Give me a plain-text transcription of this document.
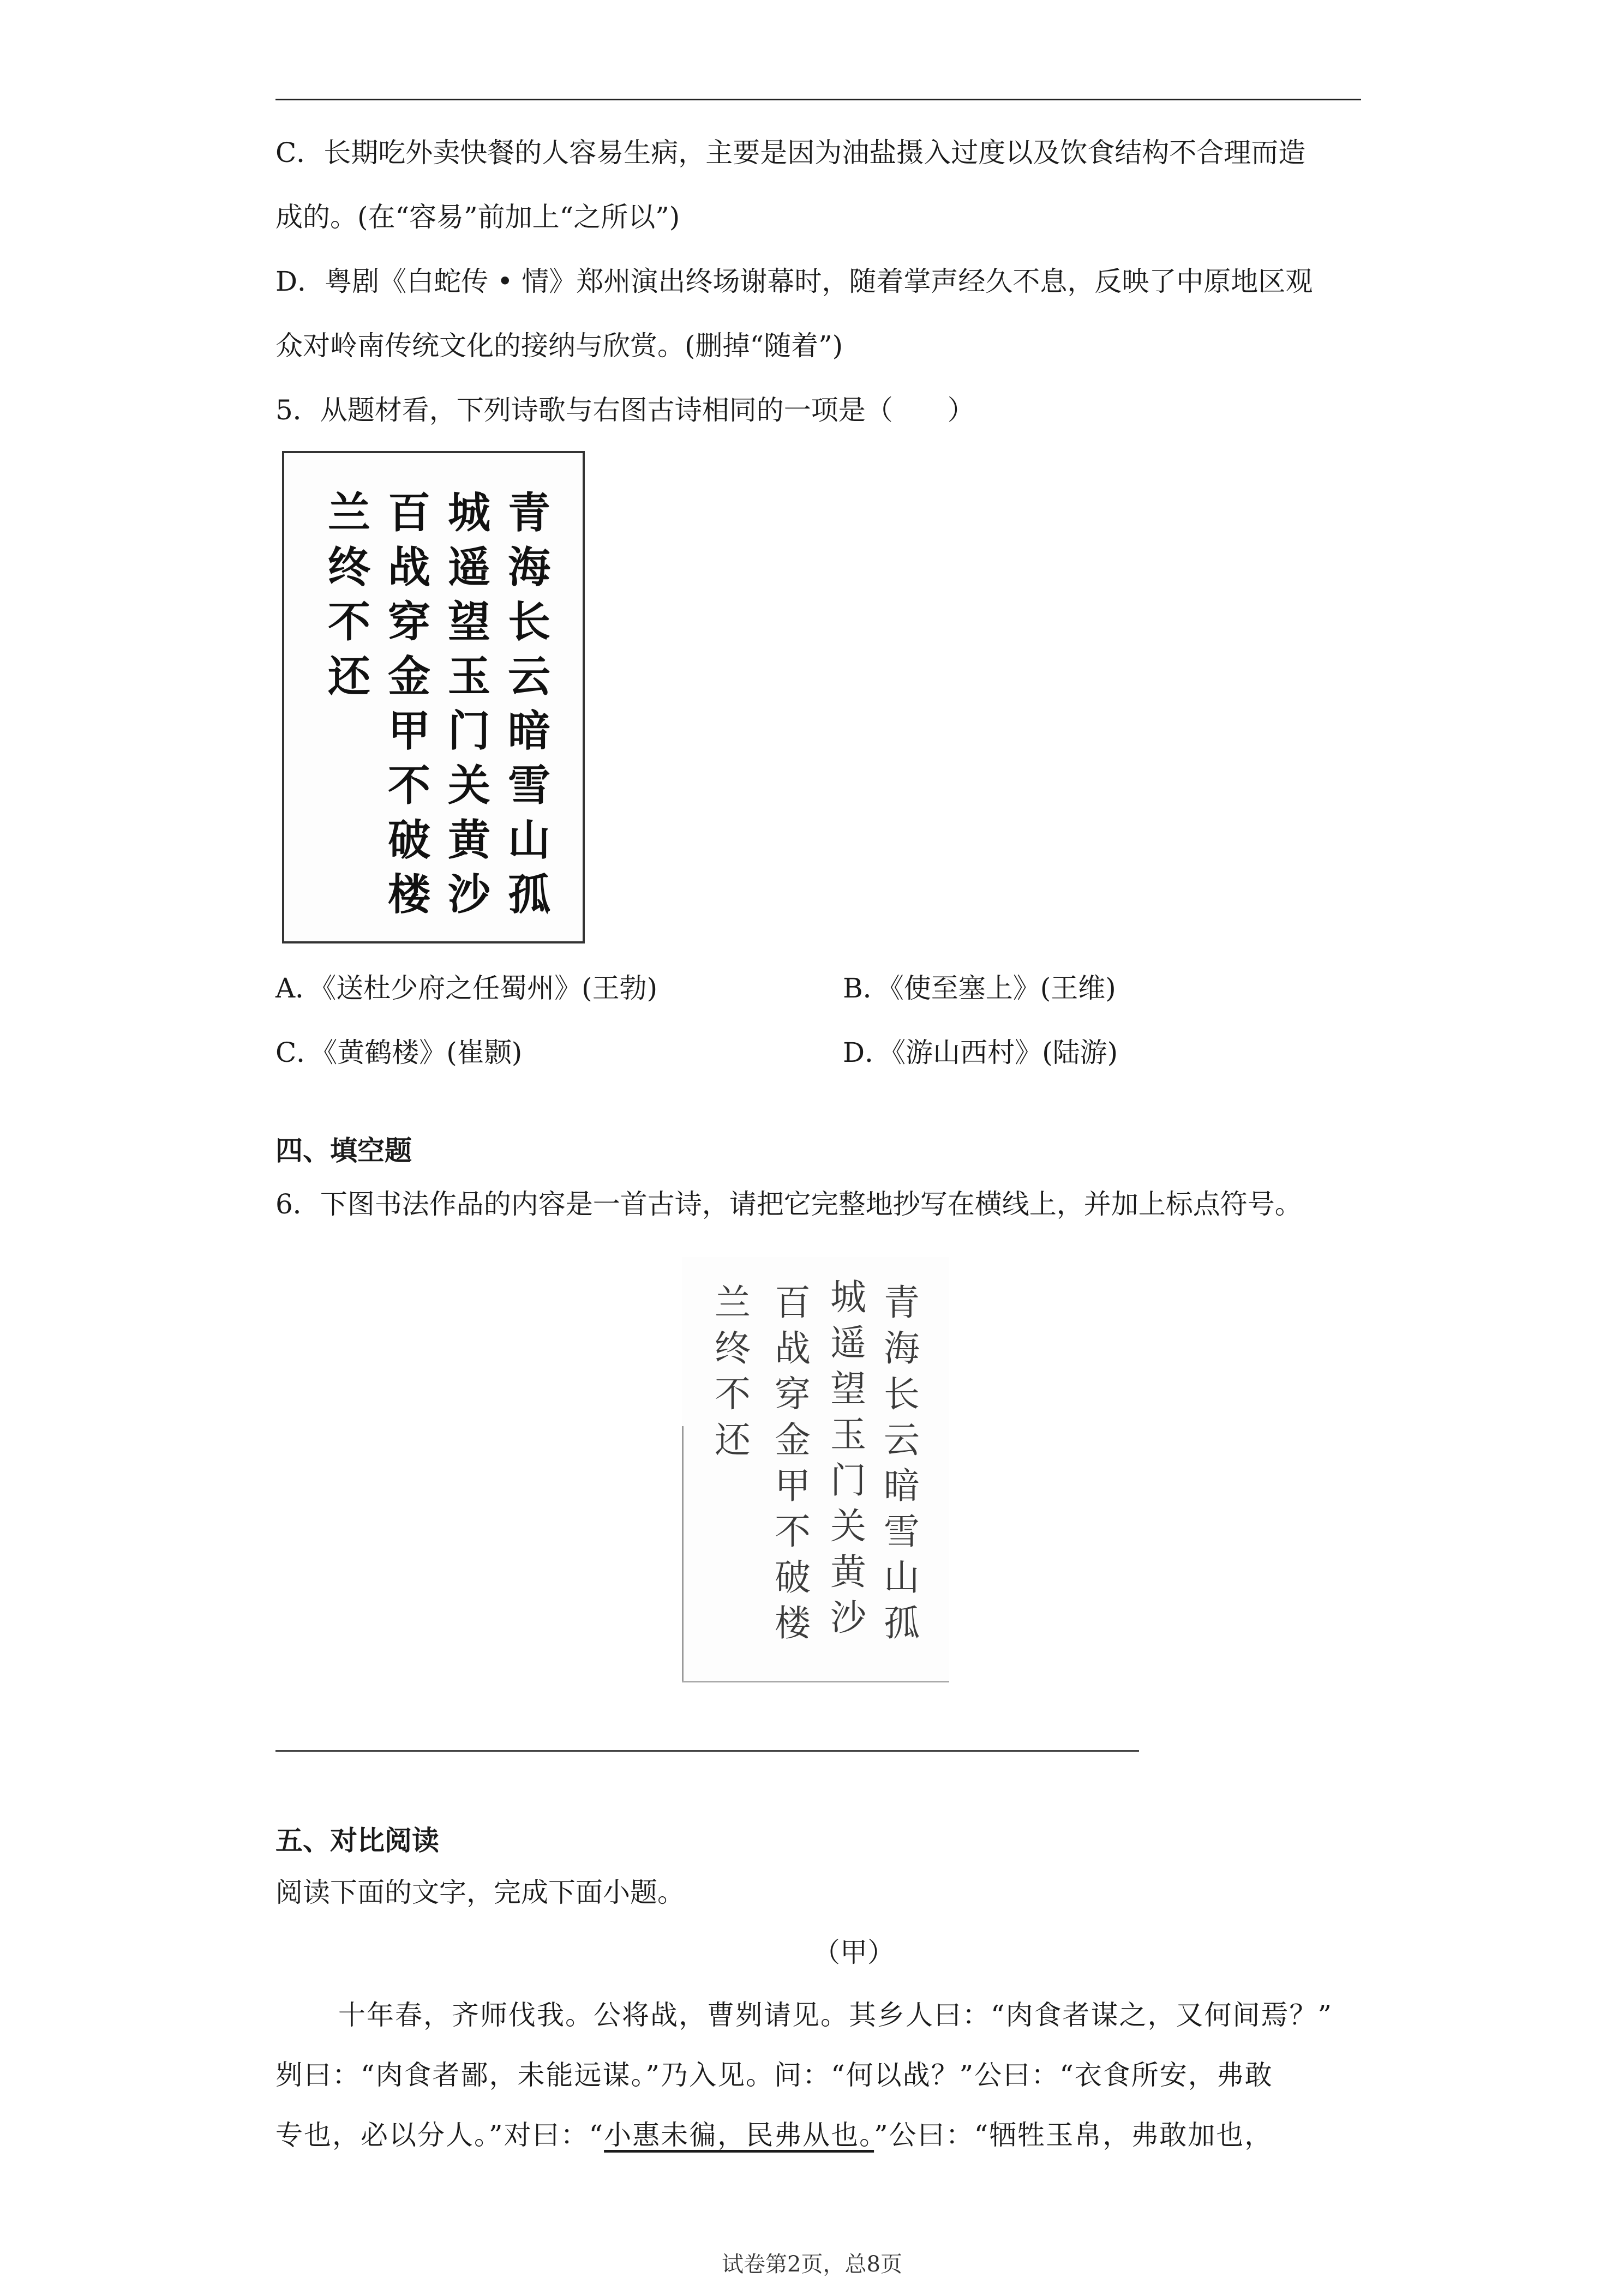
C．长期吃外卖快餐的人容易生病，主要是因为油盐摄入过度以及饮食结构不合理而造
成的。(在“容易”前加上“之所以”)
D．粤剧《白蛇传 • 情》郑州演出终场谢幕时，随着掌声经久不息，反映了中原地区观
众对岭南传统文化的接纳与欣赏。(删掉“随着”)
5．从题材看，下列诗歌与右图古诗相同的一项是（　　）
青
海
长
云
暗
雪
山
孤
城
遥
望
玉
门
关
黄
沙
百
战
穿
金
甲
不
破
楼
兰
终
不
还
A．《送杜少府之任蜀州》(王勃)	B．《使至塞上》(王维)
C．《黄鹤楼》(崔颢)	D．《游山西村》(陆游)
四、填空题
6．下图书法作品的内容是一首古诗，请把它完整地抄写在横线上，并加上标点符号。
青
海
长
云
暗
雪
山
孤
城
遥
望
玉
门
关
黄
沙
百
战
穿
金
甲
不
破
楼
兰
终
不
还
五、对比阅读
阅读下面的文字，完成下面小题。
（甲）
十年春，齐师伐我。公将战，曹刿请见。其乡人曰：“肉食者谋之，又何间焉？”
刿曰：“肉食者鄙，未能远谋。”乃入见。问：“何以战？”公曰：“衣食所安，弗敢
专也，必以分人。”对曰：“小惠未徧，民弗从也。”公曰：“牺牲玉帛，弗敢加也，
试卷第2页，总8页
